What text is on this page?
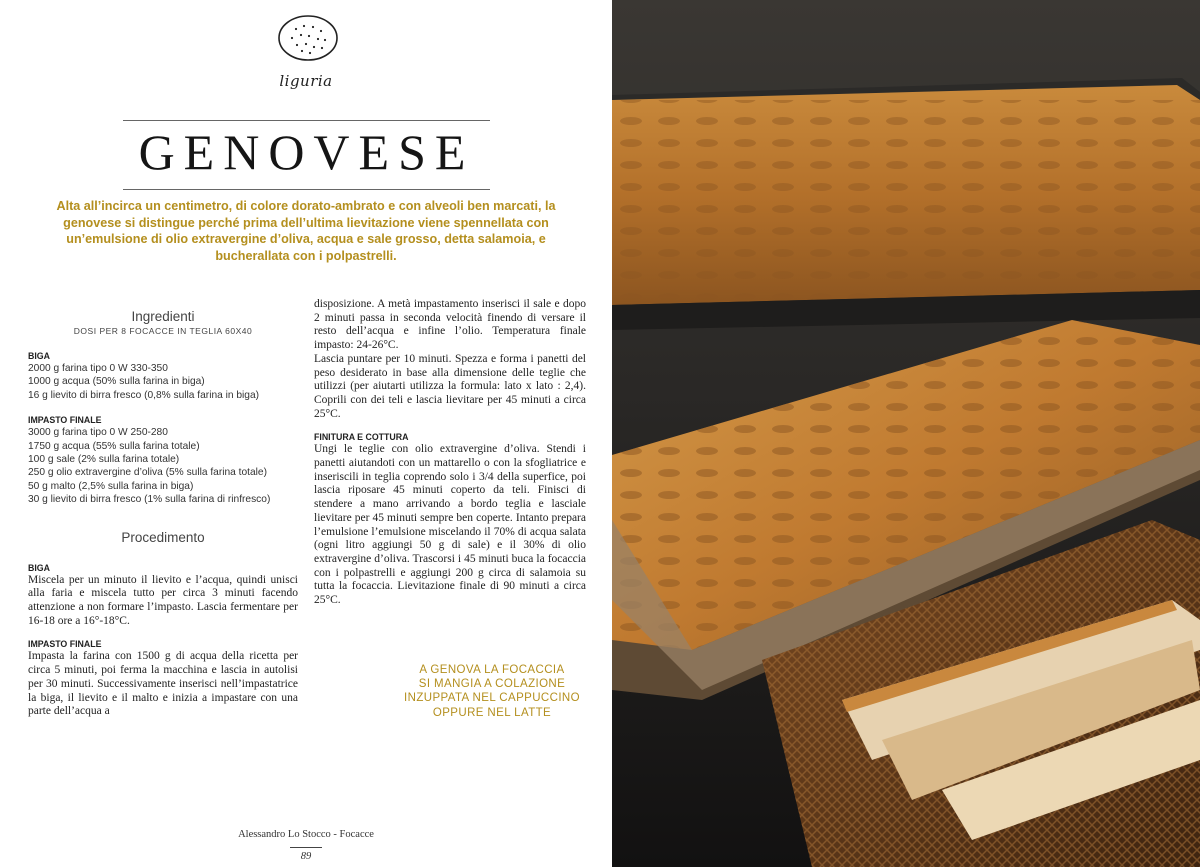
liguria
GENOVESE
Alta all’incirca un centimetro, di colore dorato-ambrato e con alveoli ben marcati, la genovese si distingue perché prima dell’ultima lievitazione viene spennellata con un’emulsione di olio extravergine d’oliva, acqua e sale grosso, detta salamoia, e bucherallata con i polpastrelli.

Ingredienti

DOSI PER 8 FOCACCE IN TEGLIA 60X40

BIGA

2000 g farina tipo 0 W 330-350
1000 g acqua (50% sulla farina in biga)
16 g lievito di birra fresco (0,8% sulla farina in biga)

IMPASTO FINALE

3000 g farina tipo 0 W 250-280
1750 g acqua (55% sulla farina totale)
100 g sale (2% sulla farina totale)
250 g olio extravergine d’oliva (5% sulla farina totale)
50 g malto (2,5% sulla farina in biga)
30 g lievito di birra fresco (1% sulla farina di rinfresco)

Procedimento

BIGA

Miscela per un minuto il lievito e l’acqua, quindi unisci alla faria e miscela tutto per circa 3 minuti facendo attenzione a non formare l’impasto. Lascia fermentare per 16-18 ore a 16°-18°C.

IMPASTO FINALE

Impasta la farina con 1500 g di acqua della ricetta per circa 5 minuti, poi ferma la macchina e lascia in autolisi per 30 minuti. Successivamente inserisci nell’impastatrice la biga, il lievito e il malto e inizia a impastare con una parte dell’acqua a

disposizione. A metà impastamento inserisci il sale e dopo 2 minuti passa in seconda velocità finendo di versare il resto dell’acqua e infine l’olio. Temperatura finale impasto: 24-26°C.

Lascia puntare per 10 minuti. Spezza e forma i panetti del peso desiderato in base alla dimensione delle teglie che utilizzi (per aiutarti utilizza la formula: lato x lato : 2,4). Coprili con dei teli e lascia lievitare per 45 minuti a circa 25°C.

FINITURA E COTTURA

Ungi le teglie con olio extravergine d’oliva. Stendi i panetti aiutandoti con un mattarello o con la sfogliatrice e inseriscili in teglia coprendo solo i 3/4 della superfice, poi lascia riposare 45 minuti coperto da teli. Finisci di stendere a mano arrivando a bordo teglia e lasciale lievitare per 45 minuti sempre ben coperte. Intanto prepara l’emulsione l’emulsione miscelando il 70% di acqua salata (ogni litro aggiungi 50 g di sale) e il 30% di olio extravergine d’oliva. Trascorsi i 45 minuti buca la focaccia con i polpastrelli e aggiungi 200 g circa di salamoia su tutta la focaccia. Lievitazione finale di 90 minuti a circa 25°C.

A GENOVA LA FOCACCIA
SI MANGIA A COLAZIONE
INZUPPATA NEL CAPPUCCINO
OPPURE NEL LATTE
Alessandro Lo Stocco - Focacce
89
